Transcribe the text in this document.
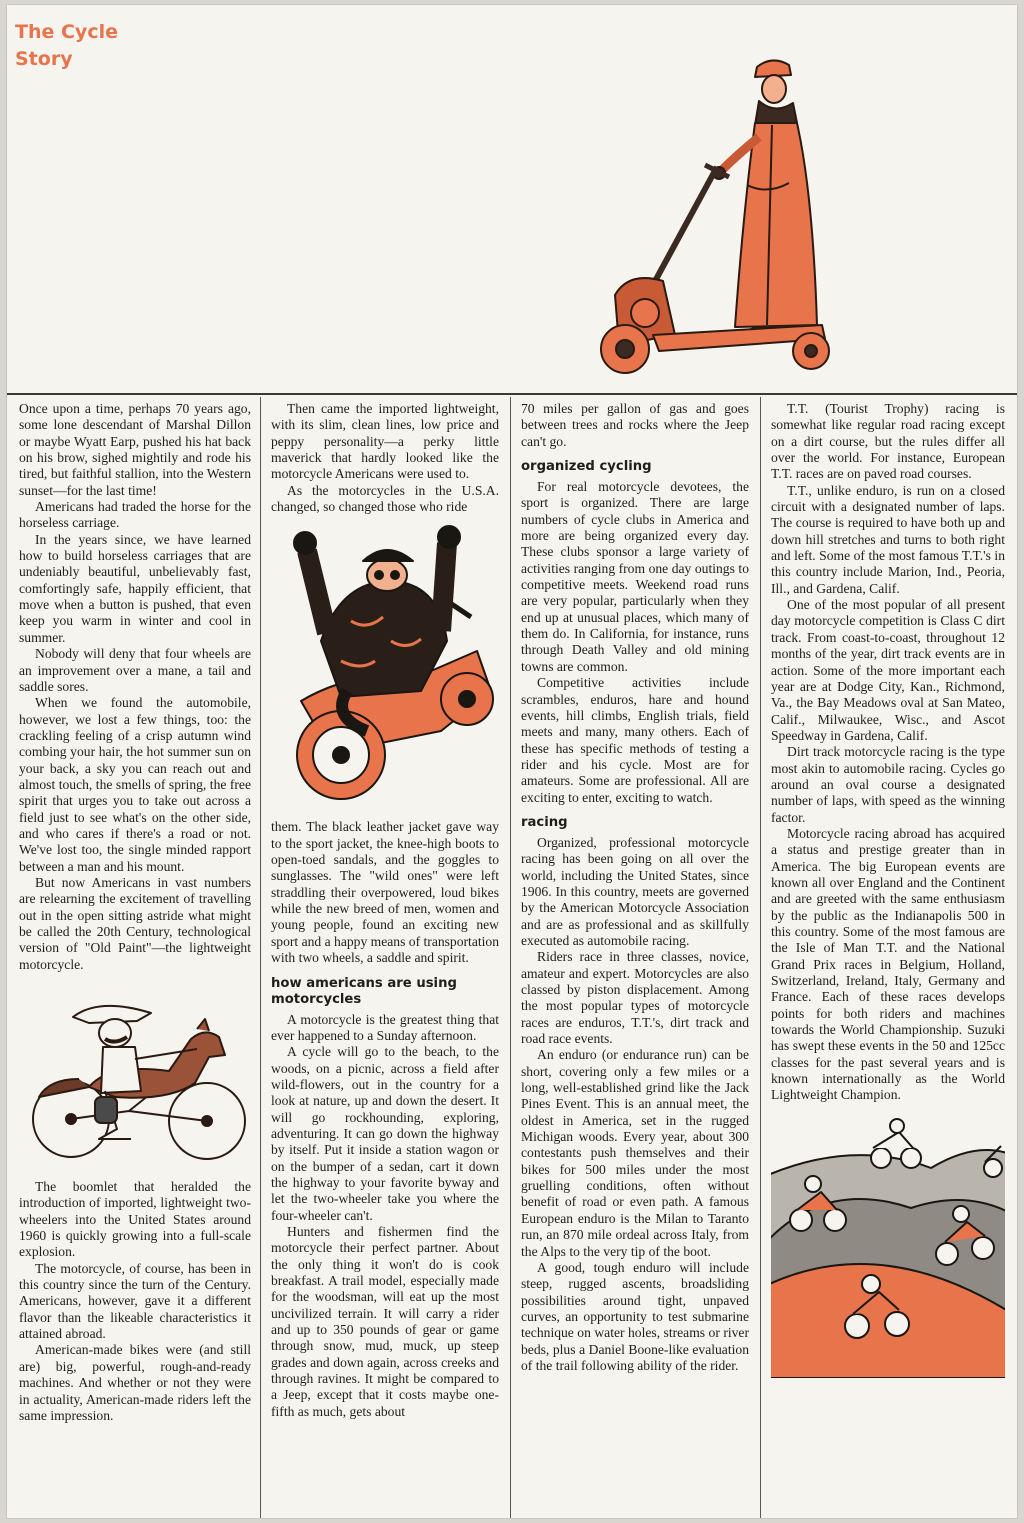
The Cycle
Story

Once upon a time, perhaps 70 years ago, some lone descendant of Marshal Dillon or maybe Wyatt Earp, pushed his hat back on his brow, sighed mightily and rode his tired, but faithful stallion, into the Western sunset—for the last time!

Americans had traded the horse for the horseless carriage.

In the years since, we have learned how to build horseless carriages that are undeniably beautiful, unbelievably fast, comfortingly safe, happily efficient, that move when a button is pushed, that even keep you warm in winter and cool in summer.

Nobody will deny that four wheels are an improvement over a mane, a tail and saddle sores.

When we found the automobile, however, we lost a few things, too: the crackling feeling of a crisp autumn wind combing your hair, the hot summer sun on your back, a sky you can reach out and almost touch, the smells of spring, the free spirit that urges you to take out across a field just to see what's on the other side, and who cares if there's a road or not. We've lost too, the single minded rapport between a man and his mount.

But now Americans in vast numbers are relearning the excitement of travelling out in the open sitting astride what might be called the 20th Century, technological version of "Old Paint"—the lightweight motorcycle.

The boomlet that heralded the introduction of imported, lightweight two-wheelers into the United States around 1960 is quickly growing into a full-scale explosion.

The motorcycle, of course, has been in this country since the turn of the Century. Americans, however, gave it a different flavor than the likeable characteristics it attained abroad.

American-made bikes were (and still are) big, powerful, rough-and-ready machines. And whether or not they were in actuality, American-made riders left the same impression.

Then came the imported lightweight, with its slim, clean lines, low price and peppy personality—a perky little maverick that hardly looked like the motorcycle Americans were used to.

As the motorcycles in the U.S.A. changed, so changed those who ride

them. The black leather jacket gave way to the sport jacket, the knee-high boots to open-toed sandals, and the goggles to sunglasses. The "wild ones" were left straddling their overpowered, loud bikes while the new breed of men, women and young people, found an exciting new sport and a happy means of transportation with two wheels, a saddle and spirit.

how americans are using motorcycles

A motorcycle is the greatest thing that ever happened to a Sunday afternoon.

A cycle will go to the beach, to the woods, on a picnic, across a field after wild-flowers, out in the country for a look at nature, up and down the desert. It will go rockhounding, exploring, adventuring. It can go down the highway by itself. Put it inside a station wagon or on the bumper of a sedan, cart it down the highway to your favorite byway and let the two-wheeler take you where the four-wheeler can't.

Hunters and fishermen find the motorcycle their perfect partner. About the only thing it won't do is cook breakfast. A trail model, especially made for the woodsman, will eat up the most uncivilized terrain. It will carry a rider and up to 350 pounds of gear or game through snow, mud, muck, up steep grades and down again, across creeks and through ravines. It might be compared to a Jeep, except that it costs maybe one-fifth as much, gets about

70 miles per gallon of gas and goes between trees and rocks where the Jeep can't go.

organized cycling

For real motorcycle devotees, the sport is organized. There are large numbers of cycle clubs in America and more are being organized every day. These clubs sponsor a large variety of activities ranging from one day outings to competitive meets. Weekend road runs are very popular, particularly when they end up at unusual places, which many of them do. In California, for instance, runs through Death Valley and old mining towns are common.

Competitive activities include scrambles, enduros, hare and hound events, hill climbs, English trials, field meets and many, many others. Each of these has specific methods of testing a rider and his cycle. Most are for amateurs. Some are professional. All are exciting to enter, exciting to watch.

racing

Organized, professional motorcycle racing has been going on all over the world, including the United States, since 1906. In this country, meets are governed by the American Motorcycle Association and are as professional and as skillfully executed as automobile racing.

Riders race in three classes, novice, amateur and expert. Motorcycles are also classed by piston displacement. Among the most popular types of motorcycle races are enduros, T.T.'s, dirt track and road race events.

An enduro (or endurance run) can be short, covering only a few miles or a long, well-established grind like the Jack Pines Event. This is an annual meet, the oldest in America, set in the rugged Michigan woods. Every year, about 300 contestants push themselves and their bikes for 500 miles under the most gruelling conditions, often without benefit of road or even path. A famous European enduro is the Milan to Taranto run, an 870 mile ordeal across Italy, from the Alps to the very tip of the boot.

A good, tough enduro will include steep, rugged ascents, broadsliding possibilities around tight, unpaved curves, an opportunity to test submarine technique on water holes, streams or river beds, plus a Daniel Boone-like evaluation of the trail following ability of the rider.

T.T. (Tourist Trophy) racing is somewhat like regular road racing except on a dirt course, but the rules differ all over the world. For instance, European T.T. races are on paved road courses.

T.T., unlike enduro, is run on a closed circuit with a designated number of laps. The course is required to have both up and down hill stretches and turns to both right and left. Some of the most famous T.T.'s in this country include Marion, Ind., Peoria, Ill., and Gardena, Calif.

One of the most popular of all present day motorcycle competition is Class C dirt track. From coast-to-coast, throughout 12 months of the year, dirt track events are in action. Some of the more important each year are at Dodge City, Kan., Richmond, Va., the Bay Meadows oval at San Mateo, Calif., Milwaukee, Wisc., and Ascot Speedway in Gardena, Calif.

Dirt track motorcycle racing is the type most akin to automobile racing. Cycles go around an oval course a designated number of laps, with speed as the winning factor.

Motorcycle racing abroad has acquired a status and prestige greater than in America. The big European events are known all over England and the Continent and are greeted with the same enthusiasm by the public as the Indianapolis 500 in this country. Some of the most famous are the Isle of Man T.T. and the National Grand Prix races in Belgium, Holland, Switzerland, Ireland, Italy, Germany and France. Each of these races develops points for both riders and machines towards the World Championship. Suzuki has swept these events in the 50 and 125cc classes for the past several years and is known internationally as the World Lightweight Champion.
